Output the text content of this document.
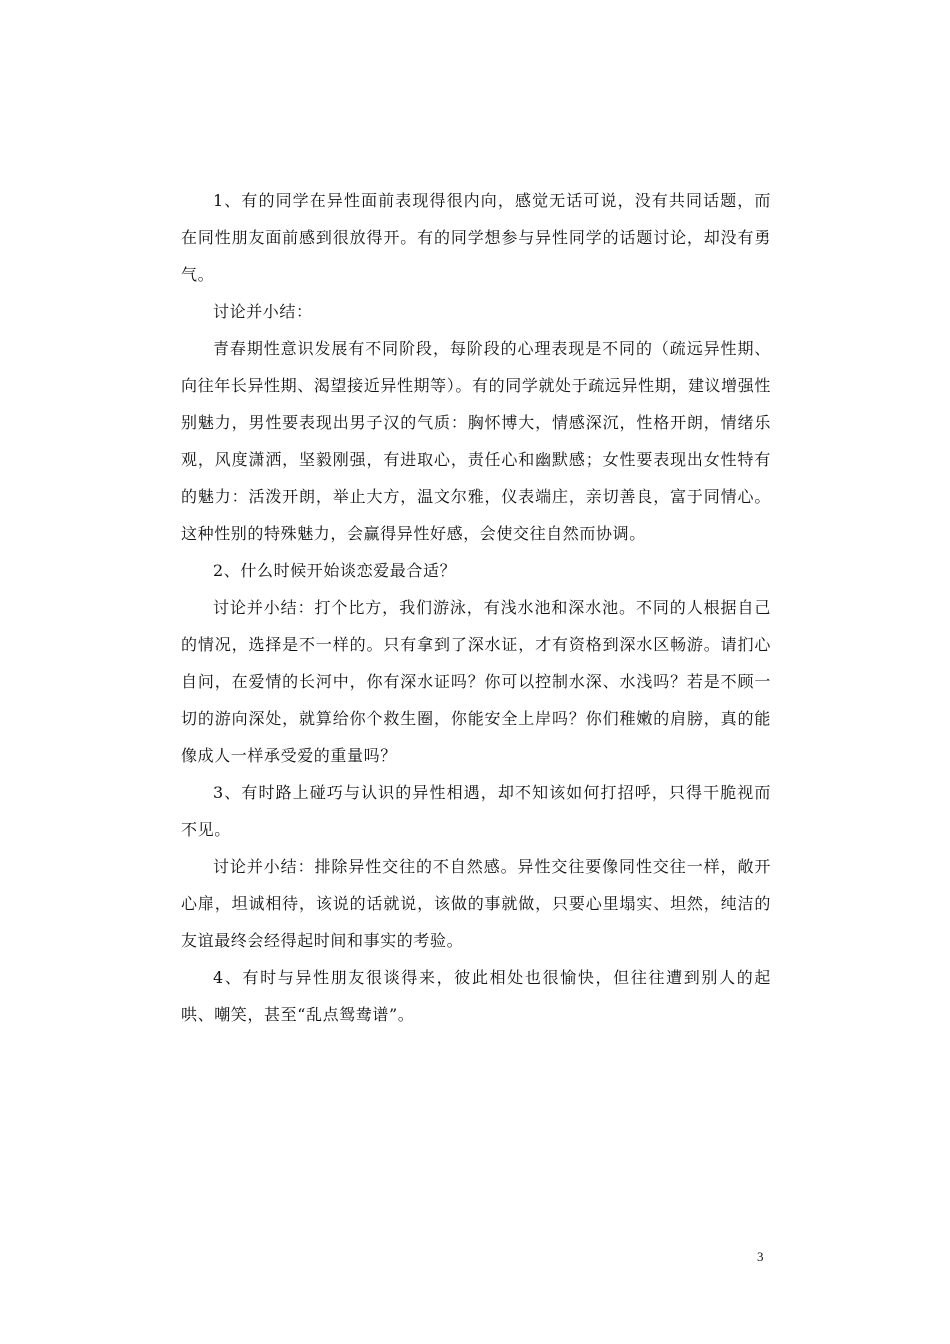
1、有的同学在异性面前表现得很内向，感觉无话可说，没有共同话题，而在同性朋友面前感到很放得开。有的同学想参与异性同学的话题讨论，却没有勇气。

讨论并小结：

青春期性意识发展有不同阶段，每阶段的心理表现是不同的（疏远异性期、向往年长异性期、渴望接近异性期等）。有的同学就处于疏远异性期，建议增强性别魅力，男性要表现出男子汉的气质：胸怀博大，情感深沉，性格开朗，情绪乐观，风度潇洒，坚毅刚强，有进取心，责任心和幽默感；女性要表现出女性特有的魅力：活泼开朗，举止大方，温文尔雅，仪表端庄，亲切善良，富于同情心。这种性别的特殊魅力，会赢得异性好感，会使交往自然而协调。

2、什么时候开始谈恋爱最合适？

讨论并小结：打个比方，我们游泳，有浅水池和深水池。不同的人根据自己的情况，选择是不一样的。只有拿到了深水证，才有资格到深水区畅游。请扪心自问，在爱情的长河中，你有深水证吗？你可以控制水深、水浅吗？若是不顾一切的游向深处，就算给你个救生圈，你能安全上岸吗？你们稚嫩的肩膀，真的能像成人一样承受爱的重量吗？

3、有时路上碰巧与认识的异性相遇，却不知该如何打招呼，只得干脆视而不见。

讨论并小结：排除异性交往的不自然感。异性交往要像同性交往一样，敞开心扉，坦诚相待，该说的话就说，该做的事就做，只要心里塌实、坦然，纯洁的友谊最终会经得起时间和事实的考验。

4、有时与异性朋友很谈得来，彼此相处也很愉快，但往往遭到别人的起哄、嘲笑，甚至“乱点鸳鸯谱”。

3
